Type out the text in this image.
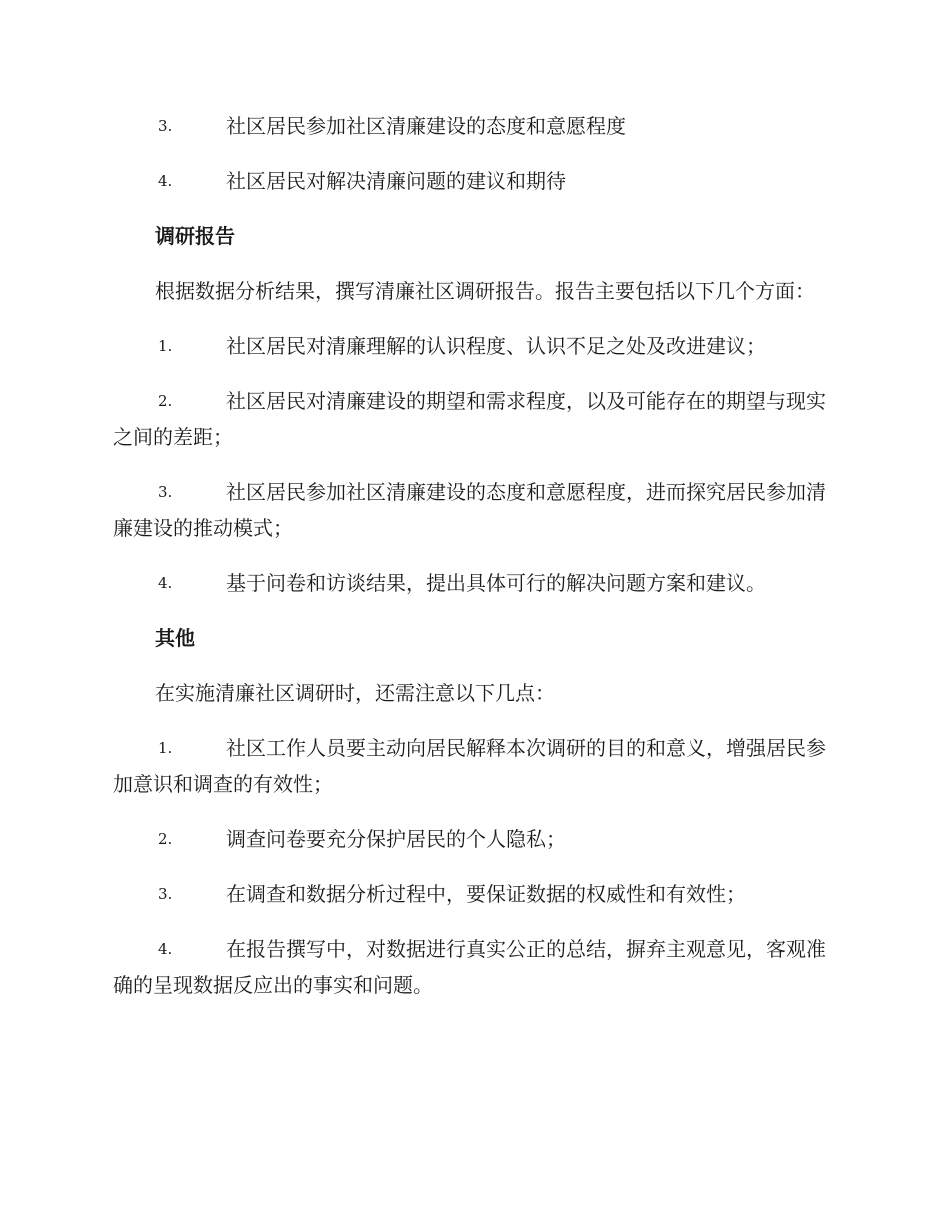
3.	社区居民参加社区清廉建设的态度和意愿程度
4.	社区居民对解决清廉问题的建议和期待
调研报告
根据数据分析结果，撰写清廉社区调研报告。报告主要包括以下几个方面：
1.	社区居民对清廉理解的认识程度、认识不足之处及改进建议；
2.	社区居民对清廉建设的期望和需求程度，以及可能存在的期望与现实之间的差距；
3.	社区居民参加社区清廉建设的态度和意愿程度，进而探究居民参加清廉建设的推动模式；
4.	基于问卷和访谈结果，提出具体可行的解决问题方案和建议。
其他
在实施清廉社区调研时，还需注意以下几点：
1.	社区工作人员要主动向居民解释本次调研的目的和意义，增强居民参加意识和调查的有效性；
2.	调查问卷要充分保护居民的个人隐私；
3.	在调查和数据分析过程中，要保证数据的权威性和有效性；
4.	在报告撰写中，对数据进行真实公正的总结，摒弃主观意见，客观准确的呈现数据反应出的事实和问题。
